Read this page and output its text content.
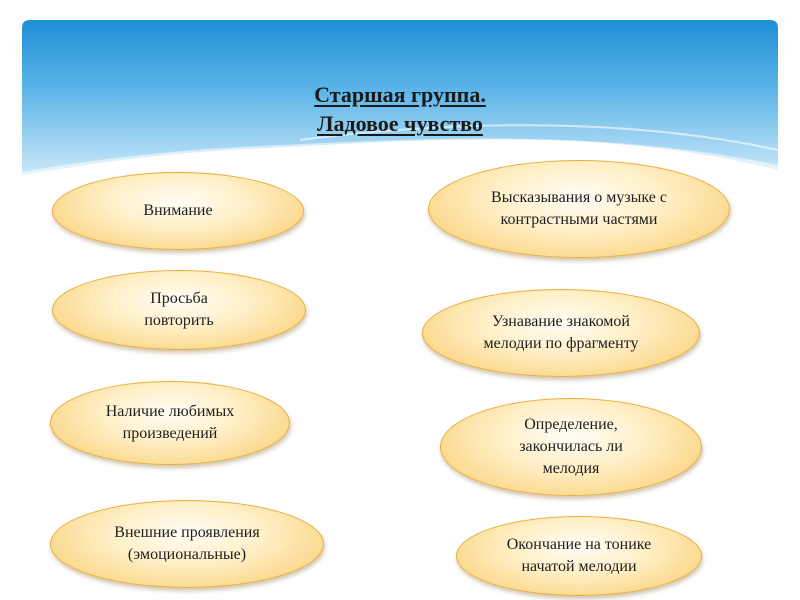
Старшая группа.
Ладовое чувство
Внимание
Просьба повторить
Наличие любимых произведений
Внешние проявления (эмоциональные)
Высказывания о музыке с контрастными частями
Узнавание знакомой мелодии по фрагменту
Определение, закончилась ли мелодия
Окончание на тонике начатой мелодии
